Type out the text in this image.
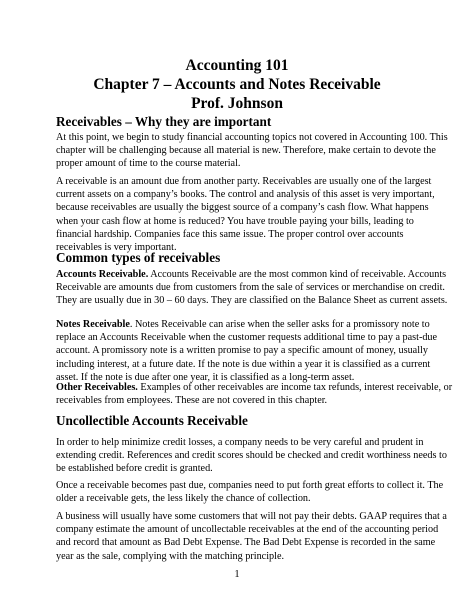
Accounting 101
Chapter 7 – Accounts and Notes Receivable
Prof. Johnson
Receivables – Why they are important
At this point, we begin to study financial accounting topics not covered in Accounting 100. This
chapter will be challenging because all material is new. Therefore, make certain to devote the
proper amount of time to the course material.
A receivable is an amount due from another party. Receivables are usually one of the largest
current assets on a company’s books. The control and analysis of this asset is very important,
because receivables are usually the biggest source of a company’s cash flow. What happens
when your cash flow at home is reduced? You have trouble paying your bills, leading to
financial hardship. Companies face this same issue. The proper control over accounts
receivables is very important.
Common types of receivables
Accounts Receivable. Accounts Receivable are the most common kind of receivable. Accounts
Receivable are amounts due from customers from the sale of services or merchandise on credit.
They are usually due in 30 – 60 days. They are classified on the Balance Sheet as current assets.
Notes Receivable. Notes Receivable can arise when the seller asks for a promissory note to
replace an Accounts Receivable when the customer requests additional time to pay a past-due
account. A promissory note is a written promise to pay a specific amount of money, usually
including interest, at a future date. If the note is due within a year it is classified as a current
asset. If the note is due after one year, it is classified as a long-term asset.
Other Receivables. Examples of other receivables are income tax refunds, interest receivable, or
receivables from employees. These are not covered in this chapter.
Uncollectible Accounts Receivable
In order to help minimize credit losses, a company needs to be very careful and prudent in
extending credit. References and credit scores should be checked and credit worthiness needs to
be established before credit is granted.
Once a receivable becomes past due, companies need to put forth great efforts to collect it. The
older a receivable gets, the less likely the chance of collection.
A business will usually have some customers that will not pay their debts. GAAP requires that a
company estimate the amount of uncollectable receivables at the end of the accounting period
and record that amount as Bad Debt Expense. The Bad Debt Expense is recorded in the same
year as the sale, complying with the matching principle.
1
